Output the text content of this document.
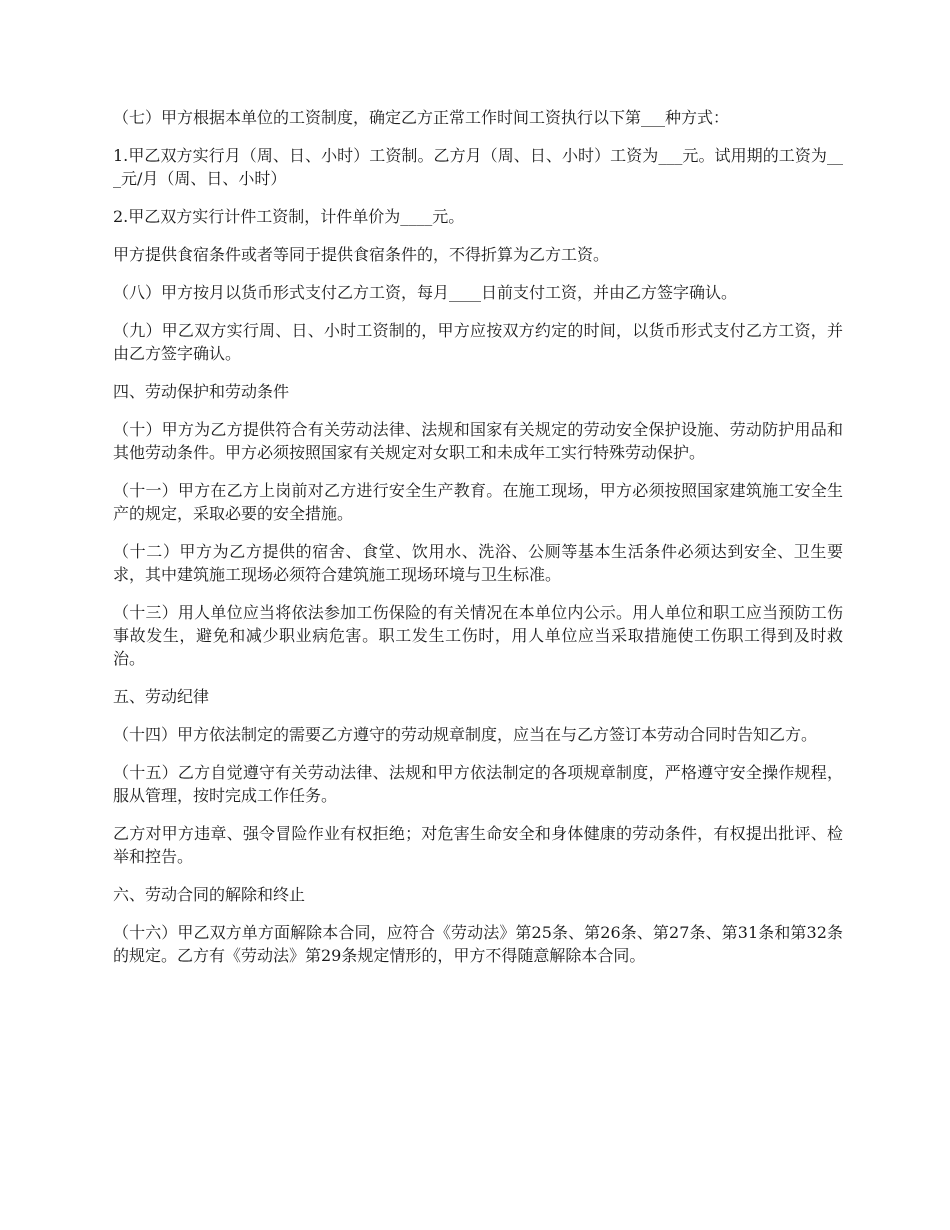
（七）甲方根据本单位的工资制度，确定乙方正常工作时间工资执行以下第___种方式：

1.甲乙双方实行月（周、日、小时）工资制。乙方月（周、日、小时）工资为___元。试用期的工资为___元/月（周、日、小时）

2.甲乙双方实行计件工资制，计件单价为____元。

甲方提供食宿条件或者等同于提供食宿条件的，不得折算为乙方工资。

（八）甲方按月以货币形式支付乙方工资，每月____日前支付工资，并由乙方签字确认。

（九）甲乙双方实行周、日、小时工资制的，甲方应按双方约定的时间，以货币形式支付乙方工资，并由乙方签字确认。

四、劳动保护和劳动条件

（十）甲方为乙方提供符合有关劳动法律、法规和国家有关规定的劳动安全保护设施、劳动防护用品和其他劳动条件。甲方必须按照国家有关规定对女职工和未成年工实行特殊劳动保护。

（十一）甲方在乙方上岗前对乙方进行安全生产教育。在施工现场，甲方必须按照国家建筑施工安全生产的规定，采取必要的安全措施。

（十二）甲方为乙方提供的宿舍、食堂、饮用水、洗浴、公厕等基本生活条件必须达到安全、卫生要求，其中建筑施工现场必须符合建筑施工现场环境与卫生标准。

（十三）用人单位应当将依法参加工伤保险的有关情况在本单位内公示。用人单位和职工应当预防工伤事故发生，避免和减少职业病危害。职工发生工伤时，用人单位应当采取措施使工伤职工得到及时救治。

五、劳动纪律

（十四）甲方依法制定的需要乙方遵守的劳动规章制度，应当在与乙方签订本劳动合同时告知乙方。

（十五）乙方自觉遵守有关劳动法律、法规和甲方依法制定的各项规章制度，严格遵守安全操作规程，服从管理，按时完成工作任务。

乙方对甲方违章、强令冒险作业有权拒绝；对危害生命安全和身体健康的劳动条件，有权提出批评、检举和控告。

六、劳动合同的解除和终止

（十六）甲乙双方单方面解除本合同，应符合《劳动法》第25条、第26条、第27条、第31条和第32条的规定。乙方有《劳动法》第29条规定情形的，甲方不得随意解除本合同。
